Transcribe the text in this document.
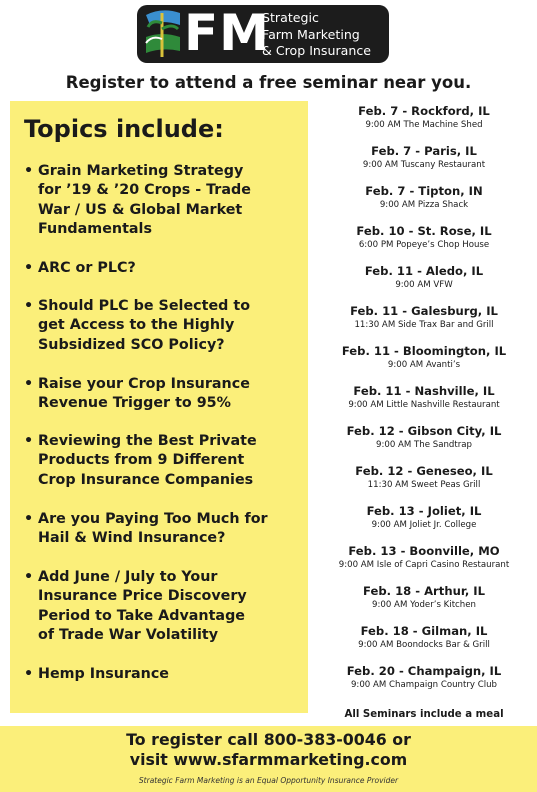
FM
Strategic
Farm Marketing
& Crop Insurance
Register to attend a free seminar near you.
Topics include:
• Grain Marketing Strategy
for ’19 & ’20 Crops - Trade
War / US & Global Market
Fundamentals
• ARC or PLC?
• Should PLC be Selected to
get Access to the Highly
Subsidized SCO Policy?
• Raise your Crop Insurance
Revenue Trigger to 95%
• Reviewing the Best Private
Products from 9 Different
Crop Insurance Companies
• Are you Paying Too Much for
Hail & Wind Insurance?
• Add June / July to Your
Insurance Price Discovery
Period to Take Advantage
of Trade War Volatility
• Hemp Insurance
Feb. 7 - Rockford, IL
9:00 AM The Machine Shed
Feb. 7 - Paris, IL
9:00 AM Tuscany Restaurant
Feb. 7 - Tipton, IN
9:00 AM Pizza Shack
Feb. 10 - St. Rose, IL
6:00 PM Popeye’s Chop House
Feb. 11 - Aledo, IL
9:00 AM VFW
Feb. 11 - Galesburg, IL
11:30 AM Side Trax Bar and Grill
Feb. 11 - Bloomington, IL
9:00 AM Avanti’s
Feb. 11 - Nashville, IL
9:00 AM Little Nashville Restaurant
Feb. 12 - Gibson City, IL
9:00 AM The Sandtrap
Feb. 12 - Geneseo, IL
11:30 AM Sweet Peas Grill
Feb. 13 - Joliet, IL
9:00 AM Joliet Jr. College
Feb. 13 - Boonville, MO
9:00 AM Isle of Capri Casino Restaurant
Feb. 18 - Arthur, IL
9:00 AM Yoder’s Kitchen
Feb. 18 - Gilman, IL
9:00 AM Boondocks Bar & Grill
Feb. 20 - Champaign, IL
9:00 AM Champaign Country Club
All Seminars include a meal
To register call 800-383-0046 or
visit www.sfarmmarketing.com
Strategic Farm Marketing is an Equal Opportunity Insurance Provider
